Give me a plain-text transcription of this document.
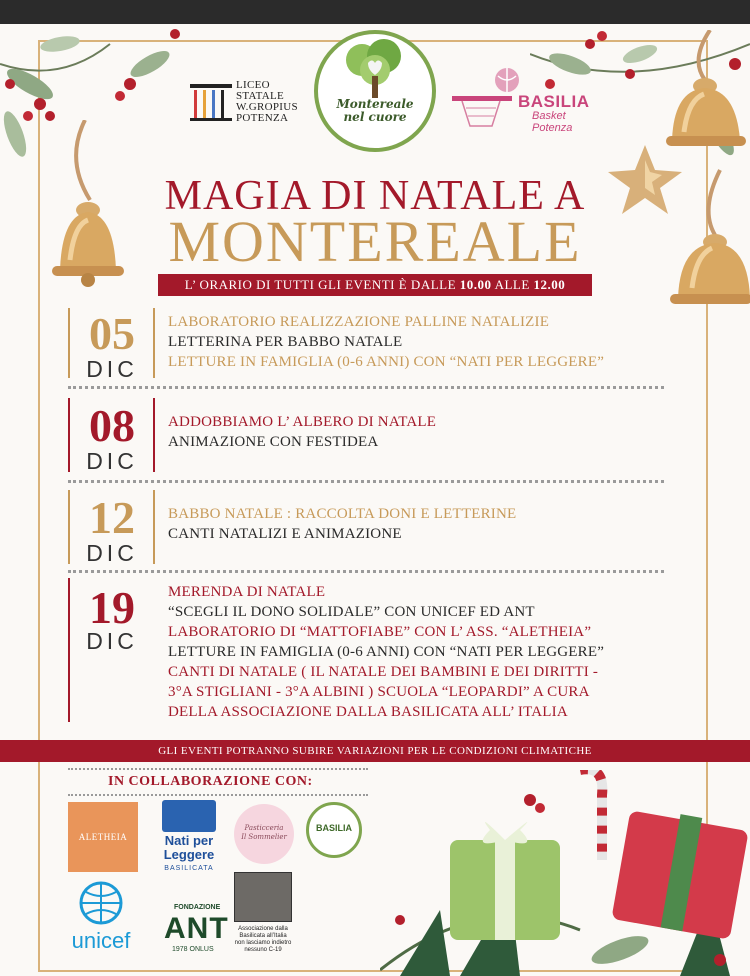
LICEO
STATALE
W.GROPIUS
POTENZA
Montereale
nel cuore
BASILIA
Basket
Potenza
MAGIA DI NATALE A
MONTEREALE
L’ ORARIO DI TUTTI GLI EVENTI È DALLE 10.00 ALLE 12.00
05
DIC
LABORATORIO REALIZZAZIONE PALLINE NATALIZIE
LETTERINA PER BABBO NATALE
LETTURE IN FAMIGLIA (0-6 ANNI) CON “NATI PER LEGGERE”
08
DIC
ADDOBBIAMO L’ ALBERO DI NATALE
ANIMAZIONE CON FESTIDEA
12
DIC
BABBO NATALE : RACCOLTA DONI E LETTERINE
CANTI NATALIZI E ANIMAZIONE
19
DIC
MERENDA DI NATALE
“SCEGLI IL DONO SOLIDALE” CON UNICEF ED ANT
LABORATORIO DI “MATTOFIABE” CON L’ ASS. “ALETHEIA”
LETTURE IN FAMIGLIA (0-6 ANNI) CON “NATI PER LEGGERE”
CANTI DI NATALE ( IL NATALE DEI BAMBINI E DEI DIRITTI -
3°A STIGLIANI - 3°A ALBINI ) SCUOLA “LEOPARDI” A CURA
DELLA ASSOCIAZIONE DALLA BASILICATA ALL’ ITALIA
GLI EVENTI POTRANNO SUBIRE VARIAZIONI PER LE CONDIZIONI CLIMATICHE
IN COLLABORAZIONE CON:
ALETHEIA	Nati per
Leggere
BASILICATA
Pasticceria
Il Sommelier
BASILIA
unicef
FONDAZIONE
ANT
1978 ONLUS
Associazione dalla
Basilicata all’Italia
non lasciamo indietro
nessuno C-19
